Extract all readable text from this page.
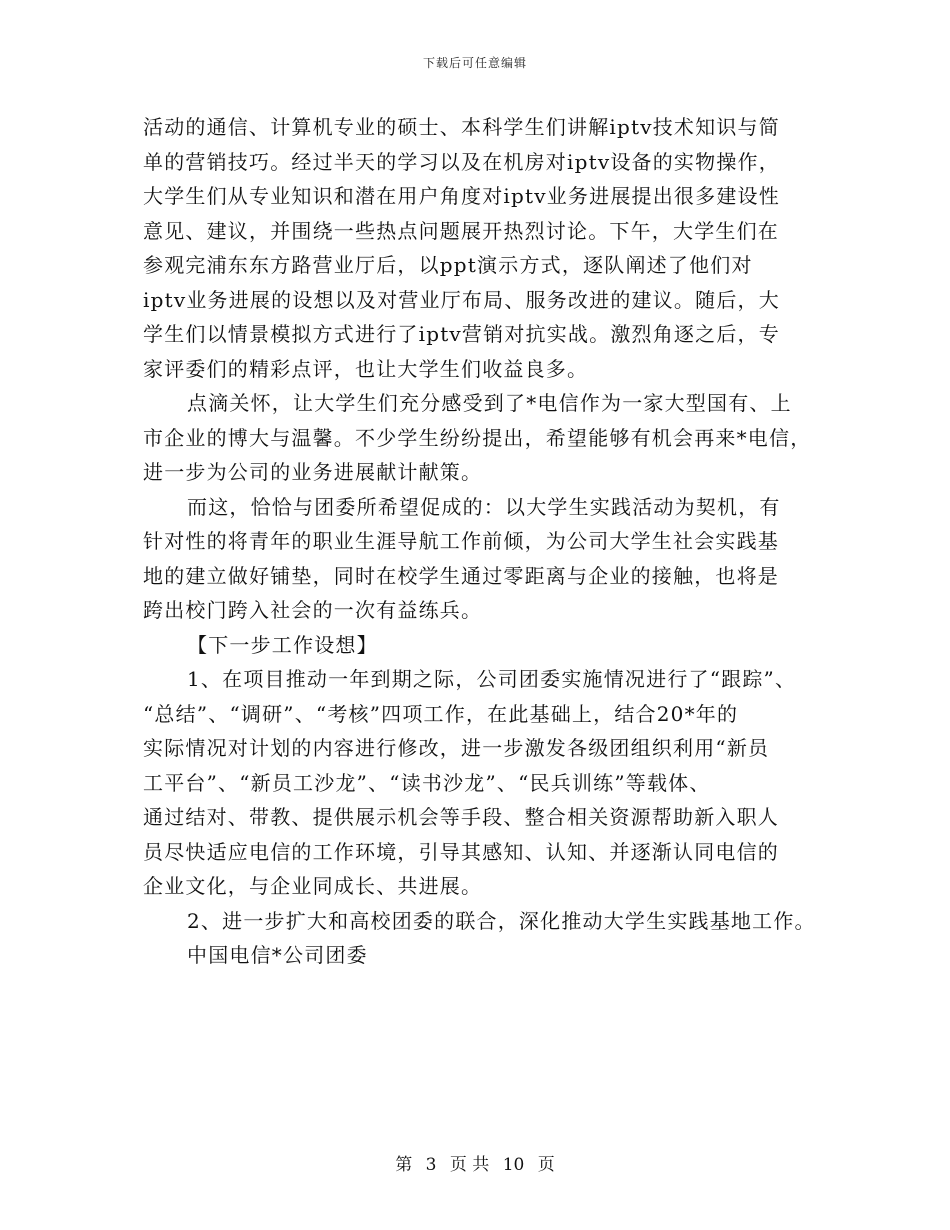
下载后可任意编辑
活动的通信、计算机专业的硕士、本科学生们讲解iptv技术知识与简
单的营销技巧。经过半天的学习以及在机房对iptv设备的实物操作，
大学生们从专业知识和潜在用户角度对iptv业务进展提出很多建设性
意见、建议，并围绕一些热点问题展开热烈讨论。下午，大学生们在
参观完浦东东方路营业厅后，以ppt演示方式，逐队阐述了他们对
iptv业务进展的设想以及对营业厅布局、服务改进的建议。随后，大
学生们以情景模拟方式进行了iptv营销对抗实战。激烈角逐之后，专
家评委们的精彩点评，也让大学生们收益良多。
点滴关怀，让大学生们充分感受到了*电信作为一家大型国有、上
市企业的博大与温馨。不少学生纷纷提出，希望能够有机会再来*电信，
进一步为公司的业务进展献计献策。
而这，恰恰与团委所希望促成的：以大学生实践活动为契机，有
针对性的将青年的职业生涯导航工作前倾，为公司大学生社会实践基
地的建立做好铺垫，同时在校学生通过零距离与企业的接触，也将是
跨出校门跨入社会的一次有益练兵。
【下一步工作设想】
1、在项目推动一年到期之际，公司团委实施情况进行了“跟踪”、
“总结”、“调研”、“考核”四项工作，在此基础上，结合20*年的
实际情况对计划的内容进行修改，进一步激发各级团组织利用“新员
工平台”、“新员工沙龙”、“读书沙龙”、“民兵训练”等载体、
通过结对、带教、提供展示机会等手段、整合相关资源帮助新入职人
员尽快适应电信的工作环境，引导其感知、认知、并逐渐认同电信的
企业文化，与企业同成长、共进展。
2、进一步扩大和高校团委的联合，深化推动大学生实践基地工作。
中国电信*公司团委
第 3 页 共 10 页
